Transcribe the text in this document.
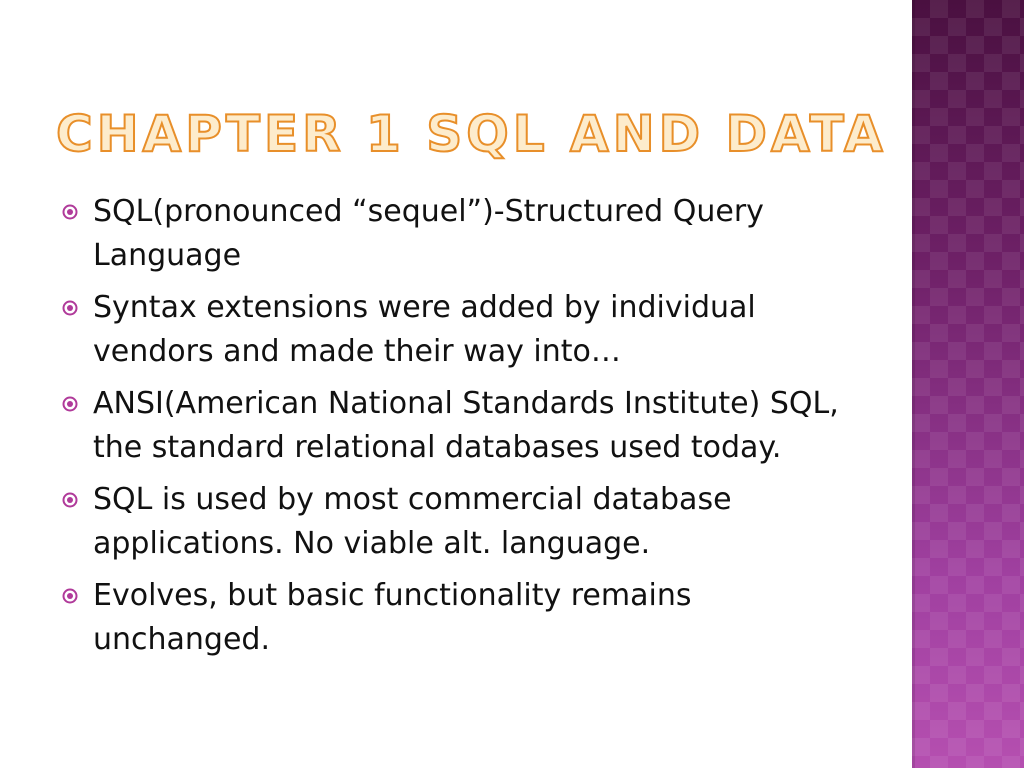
CHAPTER 1 SQL AND DATA
SQL(pronounced “sequel”)-Structured Query Language
Syntax extensions were added by individual vendors and made their way into…
ANSI(American National Standards Institute) SQL, the standard relational databases used today.
SQL is used by most commercial database applications. No viable alt. language.
Evolves, but basic functionality remains unchanged.
